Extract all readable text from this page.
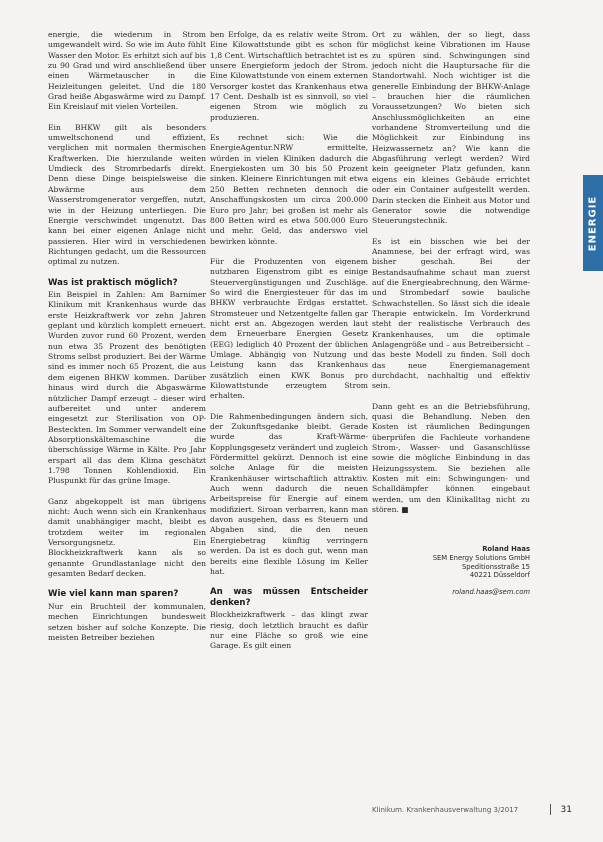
energie, die wiederum in Strom umgewandelt wird. So wie im Auto fühlt Wasser den Motor. Es erhitzt sich auf bis zu 90 Grad und wird anschließend über einen Wärmetauscher in die Heizleitungen geleitet. Und die 180 Grad heiße Abgaswärme wird zu Dampf. Ein Kreislauf mit vielen Vorteilen.

Ein BHKW gilt als besonders umweltschonend und effizient, verglichen mit normalen thermischen Kraftwerken. Die hierzulande weiten Umdieck des Stromrbedarfs direkt. Denn diese Dinge beispielsweise die Abwärme aus dem Wasserstromgenerator vergeffen, nutzt, wie in der Heizung unterliegen. Die Energie verschwindet ungenutzt. Das kann bei einer eigenen Anlage nicht passieren. Hier wird in verschiedenen Richtungen gedacht, um die Ressourcen optimal zu nutzen.

Was ist praktisch möglich?

Ein Beispiel in Zahlen: Am Barnimer Klinikum mit Krankenhaus wurde das erste Heizkraftwerk vor zehn Jahren geplant und kürzlich komplett erneuert. Wurden zuvor rund 60 Prozent, werden nun etwa 35 Prozent des benötigten Stroms selbst produziert. Bei der Wärme sind es immer noch 65 Prozent, die aus dem eigenen BHKW kommen. Darüber hinaus wird durch die Abgaswärme nützlicher Dampf erzeugt – dieser wird aufbereitet und unter anderem eingesetzt zur Sterilisation von OP-Besteckten. Im Sommer verwandelt eine Absorptionskältemaschine die überschüssige Wärme in Kälte. Pro Jahr erspart all das dem Klima geschätzt 1.798 Tonnen Kohlendioxid. Ein Pluspunkt für das grüne Image.

Ganz abgekoppelt ist man übrigens nicht: Auch wenn sich ein Krankenhaus damit unabhängiger macht, bleibt es trotzdem weiter im regionalen Versorgungsnetz. Ein Blockheizkraftwerk kann als so genannte Grundlastanlage nicht den gesamten Bedarf decken.

Wie viel kann man sparen?

Nur ein Bruchteil der kommunalen, mechen Einrichtungen bundesweit setzen bisher auf solche Konzepte. Die meisten Betreiber beziehen

ben Erfolge, da es relativ weite Strom. Eine Kilowattstunde gibt es schon für 1,8 Cent. Wirtschaftlich betrachtet ist es unsere Energieform jedoch der Strom. Eine Kilowattstunde von einem externen Versorger kostet das Krankenhaus etwa 17 Cent. Deshalb ist es sinnvoll, so viel eigenen Strom wie möglich zu produzieren.

Es rechnet sich: Wie die EnergieAgentur.NRW ermittelte, würden in vielen Kliniken dadurch die Energiekosten um 30 bis 50 Prozent sinken. Kleinere Einrichtungen mit etwa 250 Betten rechneten dennoch die Anschaffungskosten um circa 200.000 Euro pro Jahr; bei großen ist mehr als 800 Betten wird es etwa 500.000 Euro und mehr. Geld, das anderswo viel bewirken könnte.

Für die Produzenten von eigenem nutzbaren Eigenstrom gibt es einige Steuervergünstigungen und Zuschläge. So wird die Energiesteuer für das im BHKW verbrauchte Erdgas erstattet. Stromsteuer und Netzentgelte fallen gar nicht erst an. Abgezogen werden laut dem Erneuerbare Energien Gesetz (EEG) lediglich 40 Prozent der üblichen Umlage. Abhängig von Nutzung und Leistung kann das Krankenhaus zusätzlich einen KWK Bonus pro Kilowattstunde erzeugtem Strom erhalten.

Die Rahmenbedingungen ändern sich, der Zukunftsgedanke bleibt. Gerade wurde das Kraft-Wärme-Kopplungsgesetz verändert und zugleich Fördermittel gekürzt. Dennoch ist eine solche Anlage für die meisten Krankenhäuser wirtschaftlich attraktiv. Auch wenn dadurch die neuen Arbeitspreise für Energie auf einem modifiziert. Siroan verbarren, kann man davon ausgehen, dass es Steuern und Abgaben sind, die den neuen Energiebetrag künftig verringern werden. Da ist es doch gut, wenn man bereits eine flexible Lösung im Keller hat.

An was müssen Entscheider denken?

Blockheizkraftwerk – das klingt zwar riesig, doch letztlich braucht es dafür nur eine Fläche so groß wie eine Garage. Es gilt einen

Ort zu wählen, der so liegt, dass möglichst keine Vibrationen im Hause zu spüren sind. Schwingungen sind jedoch nicht die Hauptursache für die Standortwahl. Noch wichtiger ist die generelle Einbindung der BHKW-Anlage – brauchen hier die räumlichen Voraussetzungen? Wo bieten sich Anschlussmöglichkeiten an eine vorhandene Stromverteilung und die Möglichkeit zur Einbindung ins Heizwassernetz an? Wie kann die Abgasführung verlegt werden? Wird kein geeigneter Platz gefunden, kann eigens ein kleines Gebäude errichtet oder ein Container aufgestellt werden. Darin stecken die Einheit aus Motor und Generator sowie die notwendige Steuerungstechnik.

Es ist ein bisschen wie bei der Anamnese, bei der erfragt wird, was bisher geschah. Bei der Bestandsaufnahme schaut man zuerst auf die Energieabrechnung, den Wärme- und Strombedarf sowie bauliche Schwachstellen. So lässt sich die ideale Therapie entwickeln. Im Vorderkrund steht der realistische Verbrauch des Krankenhauses, um die optimale Anlagengröße und – aus Betreibersicht – das beste Modell zu finden. Soll doch das neue Energiemanagement durchdacht, nachhaltig und effektiv sein.

Dann geht es an die Betriebsführung, quasi die Behandlung. Neben den Kosten ist räumlichen Bedingungen überprüfen die Fachleute vorhandene Strom-, Wasser- und Gasanschlüsse sowie die mögliche Einbindung in das Heizungssystem. Sie beziehen alle Kosten mit ein: Schwingungen- und Schalldämpfer können eingebaut werden, um den Klinikalltag nicht zu stören. ■

Roland Haas
SEM Energy Solutions GmbH
Speditionsstraße 15
40221 Düsseldorf
roland.haas@sem.com
ENERGIE
Klinikum. Krankenhausverwaltung 3/2017	31
